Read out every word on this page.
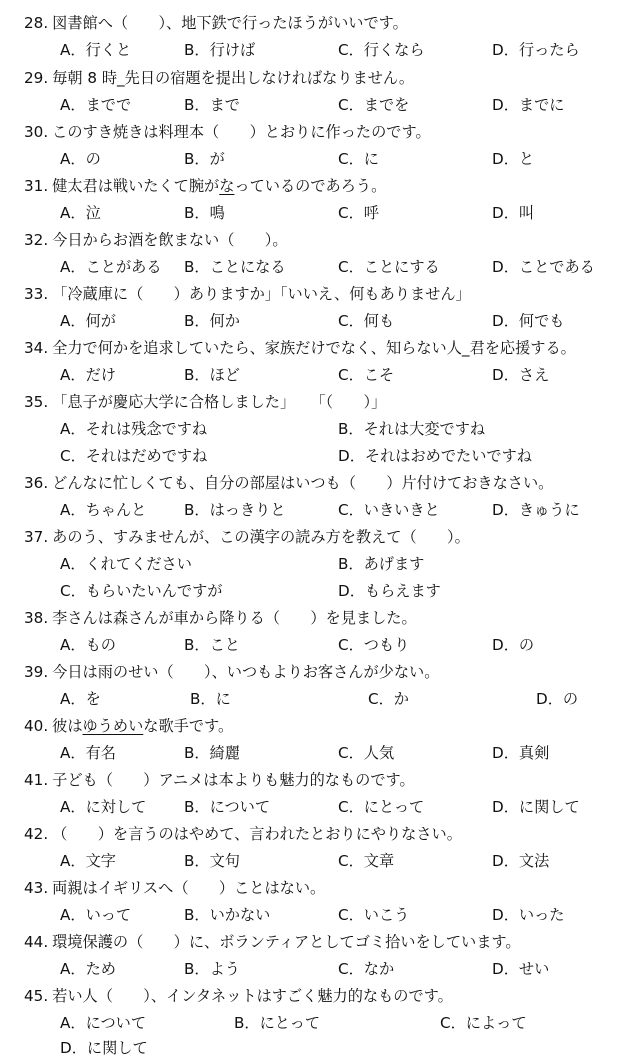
28. 図書館へ（　　）、地下鉄で行ったほうがいいです。
A．行くと	B．行けば	C．行くなら	D．行ったら
29. 毎朝 8 時_先日の宿題を提出しなければなりません。
A．までで	B．まで	C．までを	D．までに
30. このすき焼きは料理本（　　）とおりに作ったのです。
A．の	B．が	C．に	D．と
31. 健太君は戦いたくて腕がなっているのであろう。
A．泣	B．鳴	C．呼	D．叫
32. 今日からお酒を飲まない（　　）。
A．ことがある B．ことになる	C．ことにする	D．ことである
33. 「冷蔵庫に（　　）ありますか」「いいえ、何もありません」
A．何が	B．何か	C．何も	D．何でも
34. 全力で何かを追求していたら、家族だけでなく、知らない人_君を応援する。
A．だけ	B．ほど	C．こそ	D．さえ
35. 「息子が慶応大学に合格しました」　　「（　　）」
A．それは残念ですね	B．それは大変ですね
C．それはだめですね	D．それはおめでたいですね
36. どんなに忙しくても、自分の部屋はいつも（　　）片付けておきなさい。
A．ちゃんと B．はっきりと	C．いきいきと	D．きゅうに
37. あのう、すみませんが、この漢字の読み方を教えて（　　）。
A．くれてください	B．あげます
C．もらいたいんですが	D．もらえます
38. 李さんは森さんが車から降りる（　　）を見ました。
A．もの	B．こと	C．つもり	D．の
39. 今日は雨のせい（　　）、いつもよりお客さんが少ない。
A．を	B．に	C．か	D．の
40. 彼はゆうめいな歌手です。
A．有名	B．綺麗	C．人気	D．真剣
41. 子ども（　　）アニメは本よりも魅力的なものです。
A．に対して B．について	C．にとって	D．に関して
42. （　　）を言うのはやめて、言われたとおりにやりなさい。
A．文字	B．文句	C．文章	D．文法
43. 両親はイギリスへ（　　）ことはない。
A．いって	B．いかない	C．いこう	D．いった
44. 環境保護の（　　）に、ボランティアとしてゴミ拾いをしています。
A．ため	B．よう	C．なか	D．せい
45. 若い人（　　）、インタネットはすごく魅力的なものです。
A．について	B．にとって	C．によって
D．に関して
